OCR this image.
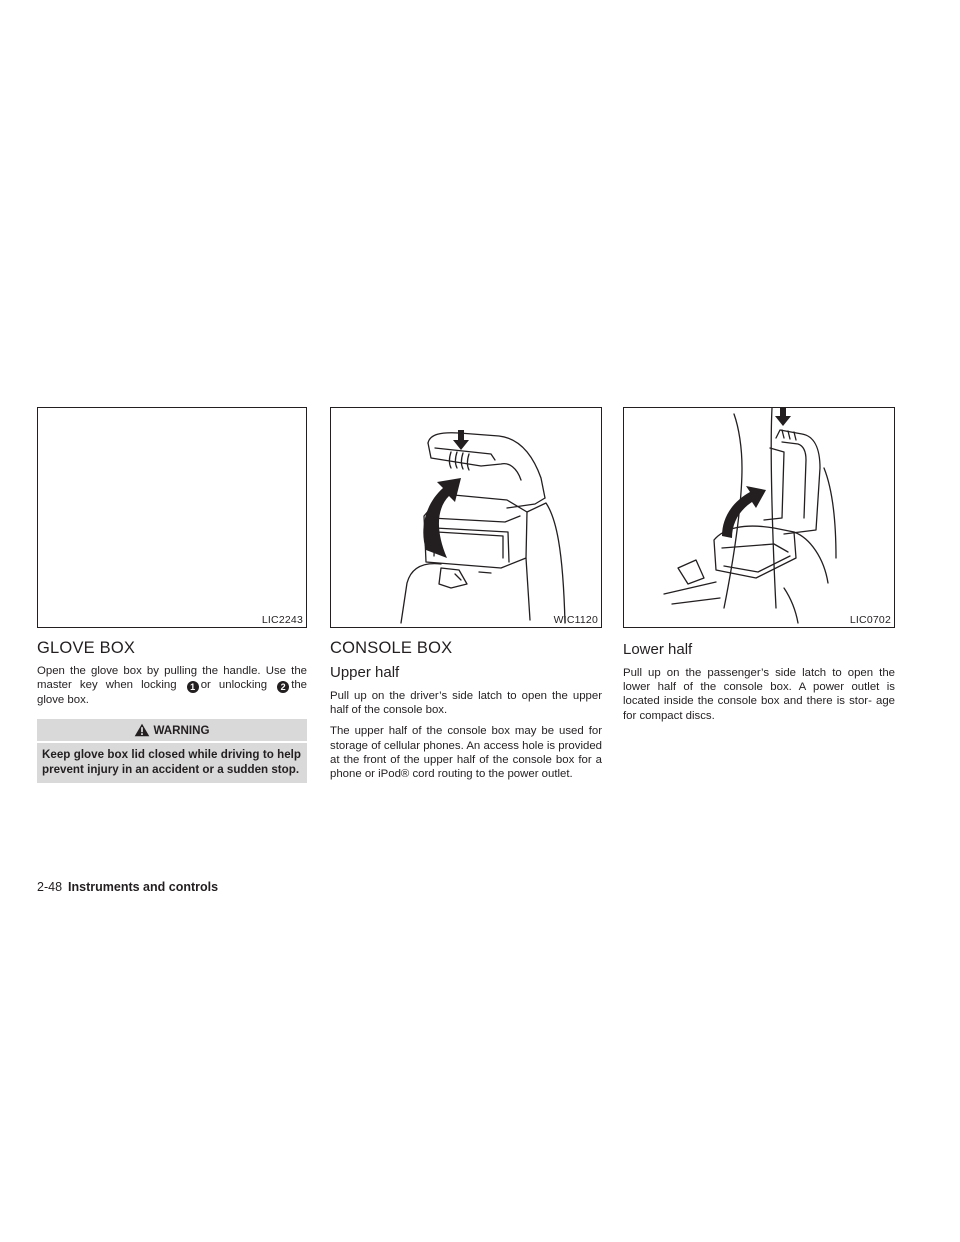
LIC2243
GLOVE BOX

Open the glove box by pulling the handle. Use the master key when locking 1 or unlocking 2 the glove box.

WARNING
Keep glove box lid closed while driving to help prevent injury in an accident or a sudden stop.
WIC1120
CONSOLE BOX
Upper half

Pull up on the driver’s side latch to open the upper half of the console box.

The upper half of the console box may be used for storage of cellular phones. An access hole is provided at the front of the upper half of the console box for a phone or iPod® cord routing to the power outlet.

LIC0702
Lower half

Pull up on the passenger’s side latch to open the lower half of the console box. A power outlet is located inside the console box and there is stor- age for compact discs.

2-48 Instruments and controls
